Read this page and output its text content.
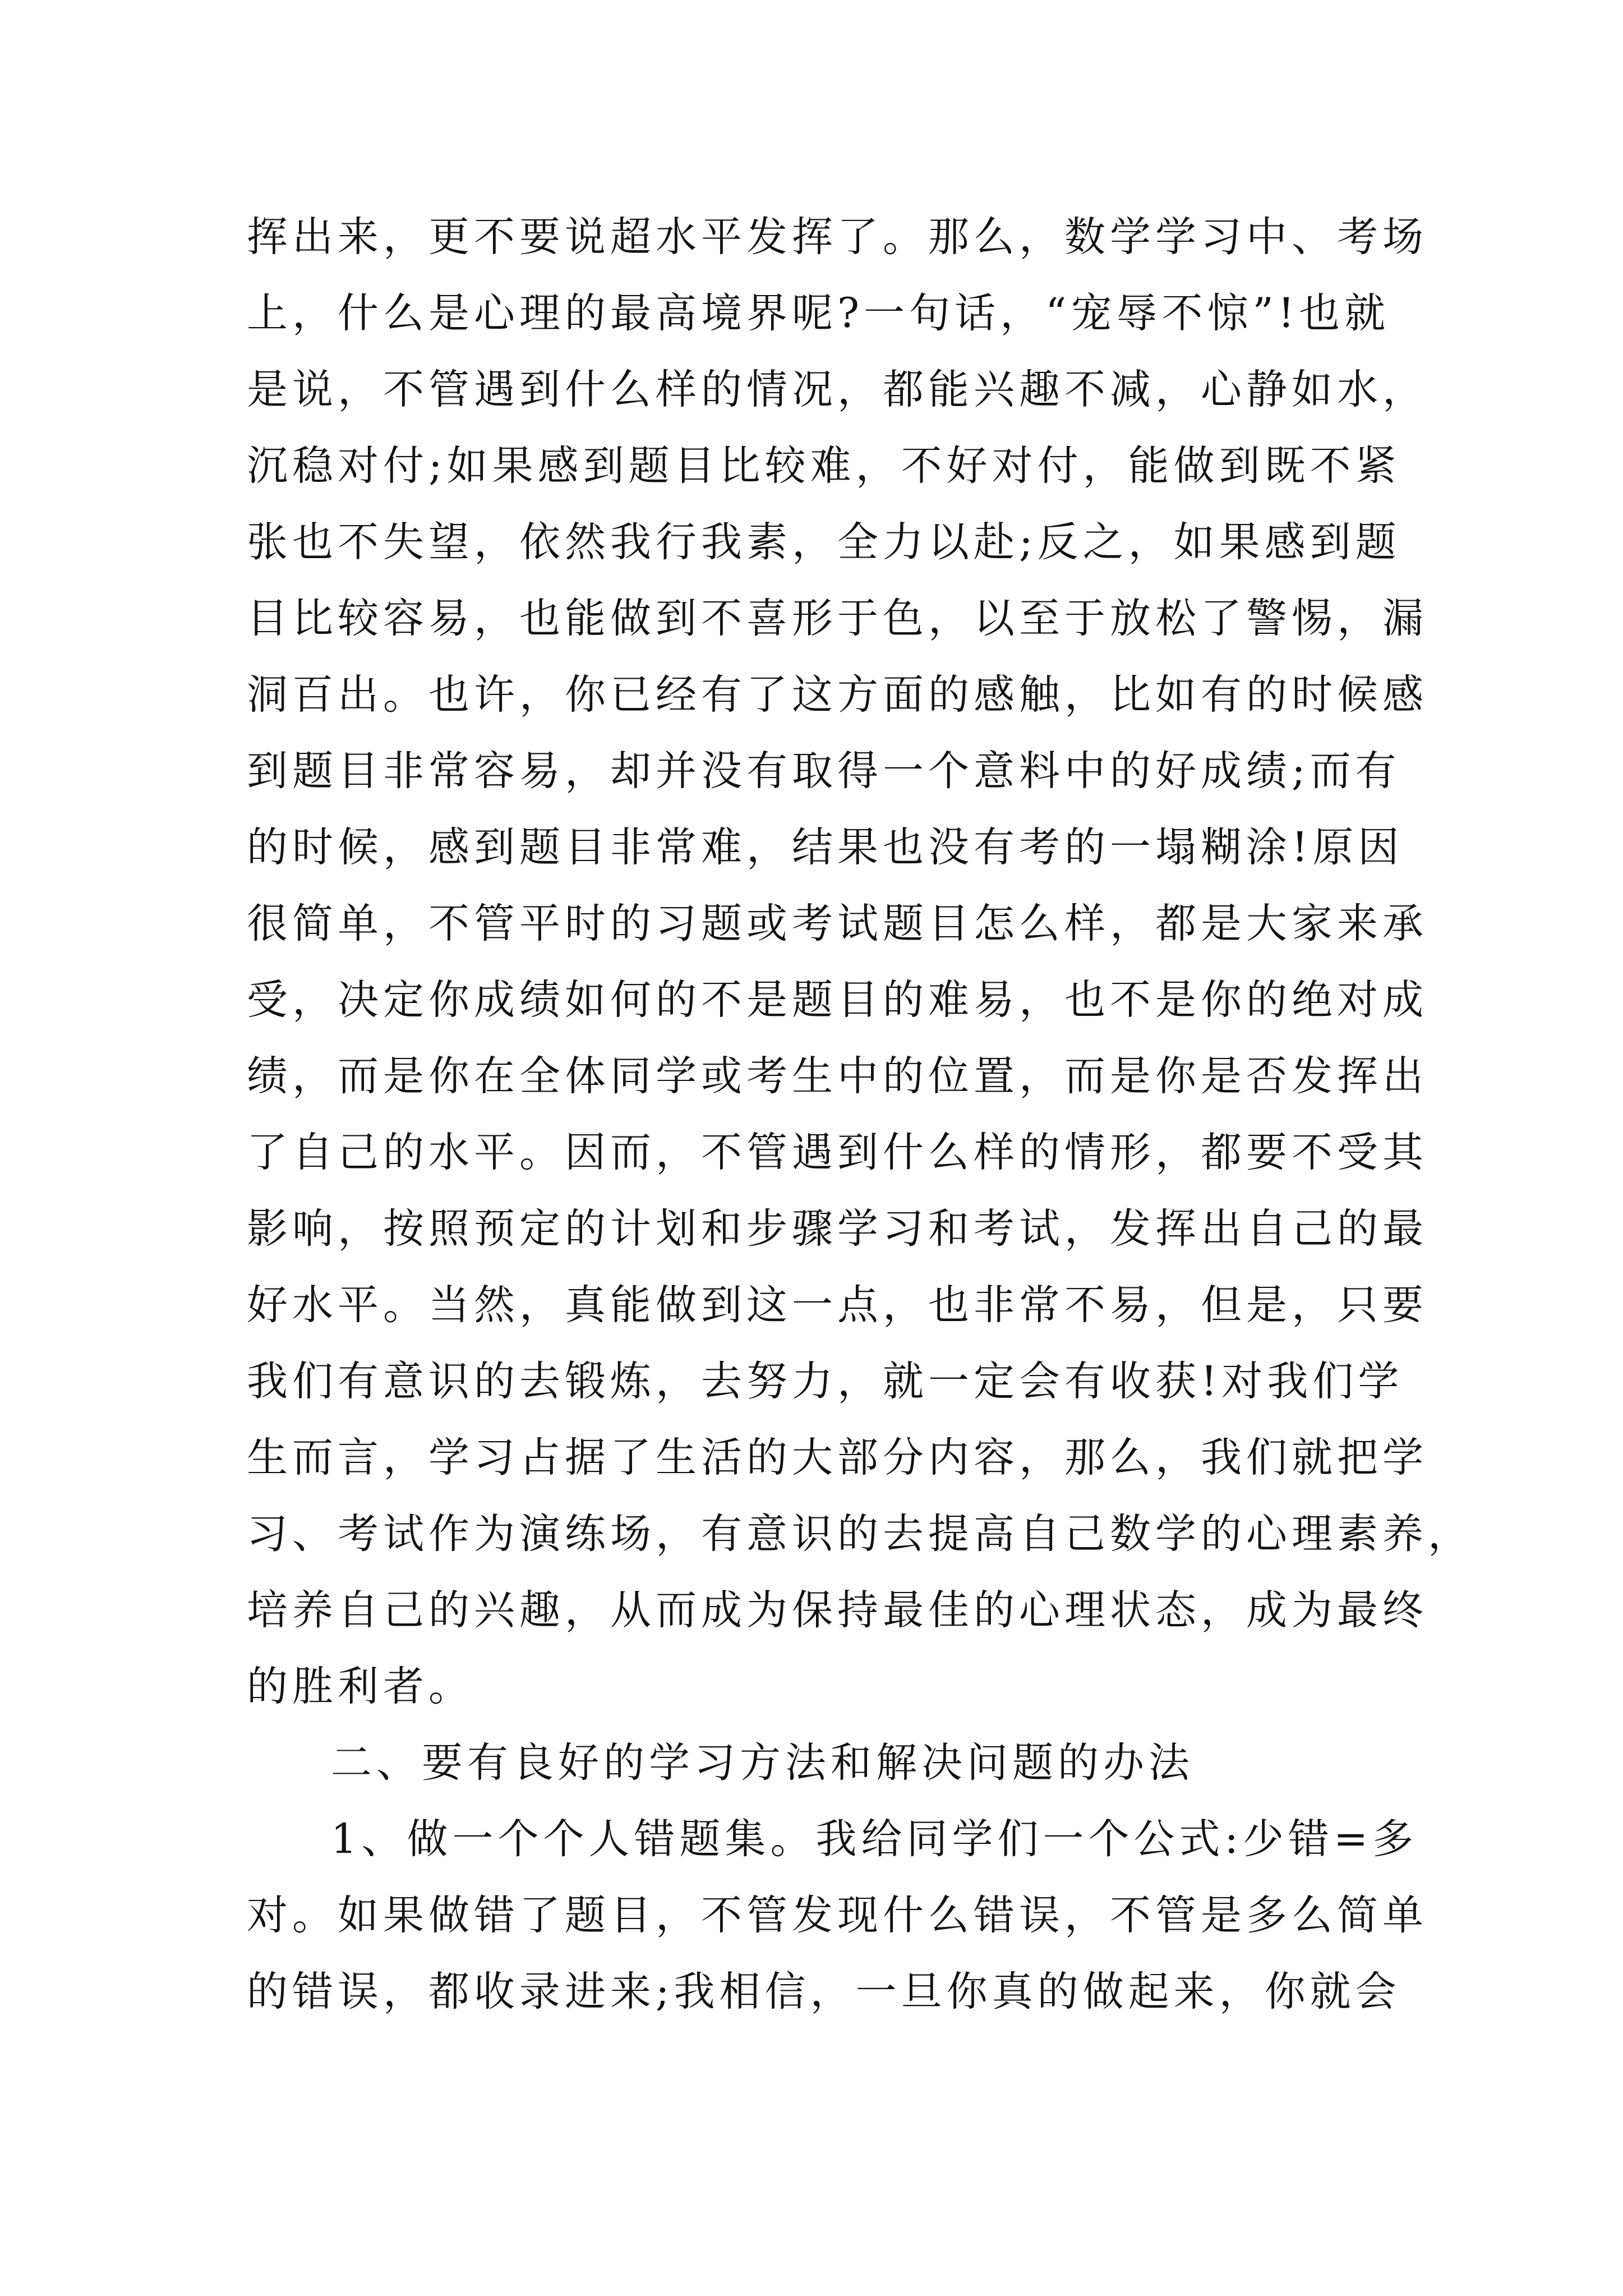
挥出来，更不要说超水平发挥了。那么，数学学习中、考场
上，什么是心理的最高境界呢?一句话，“宠辱不惊”!也就
是说，不管遇到什么样的情况，都能兴趣不减，心静如水，
沉稳对付;如果感到题目比较难，不好对付，能做到既不紧
张也不失望，依然我行我素，全力以赴;反之，如果感到题
目比较容易，也能做到不喜形于色，以至于放松了警惕，漏
洞百出。也许，你已经有了这方面的感触，比如有的时候感
到题目非常容易，却并没有取得一个意料中的好成绩;而有
的时候，感到题目非常难，结果也没有考的一塌糊涂!原因
很简单，不管平时的习题或考试题目怎么样，都是大家来承
受，决定你成绩如何的不是题目的难易，也不是你的绝对成
绩，而是你在全体同学或考生中的位置，而是你是否发挥出
了自己的水平。因而，不管遇到什么样的情形，都要不受其
影响，按照预定的计划和步骤学习和考试，发挥出自己的最
好水平。当然，真能做到这一点，也非常不易，但是，只要
我们有意识的去锻炼，去努力，就一定会有收获!对我们学
生而言，学习占据了生活的大部分内容，那么，我们就把学
习、考试作为演练场，有意识的去提高自己数学的心理素养，
培养自己的兴趣，从而成为保持最佳的心理状态，成为最终
的胜利者。
二、要有良好的学习方法和解决问题的办法
1、做一个个人错题集。我给同学们一个公式:少错=多
对。如果做错了题目，不管发现什么错误，不管是多么简单
的错误，都收录进来;我相信，一旦你真的做起来，你就会
